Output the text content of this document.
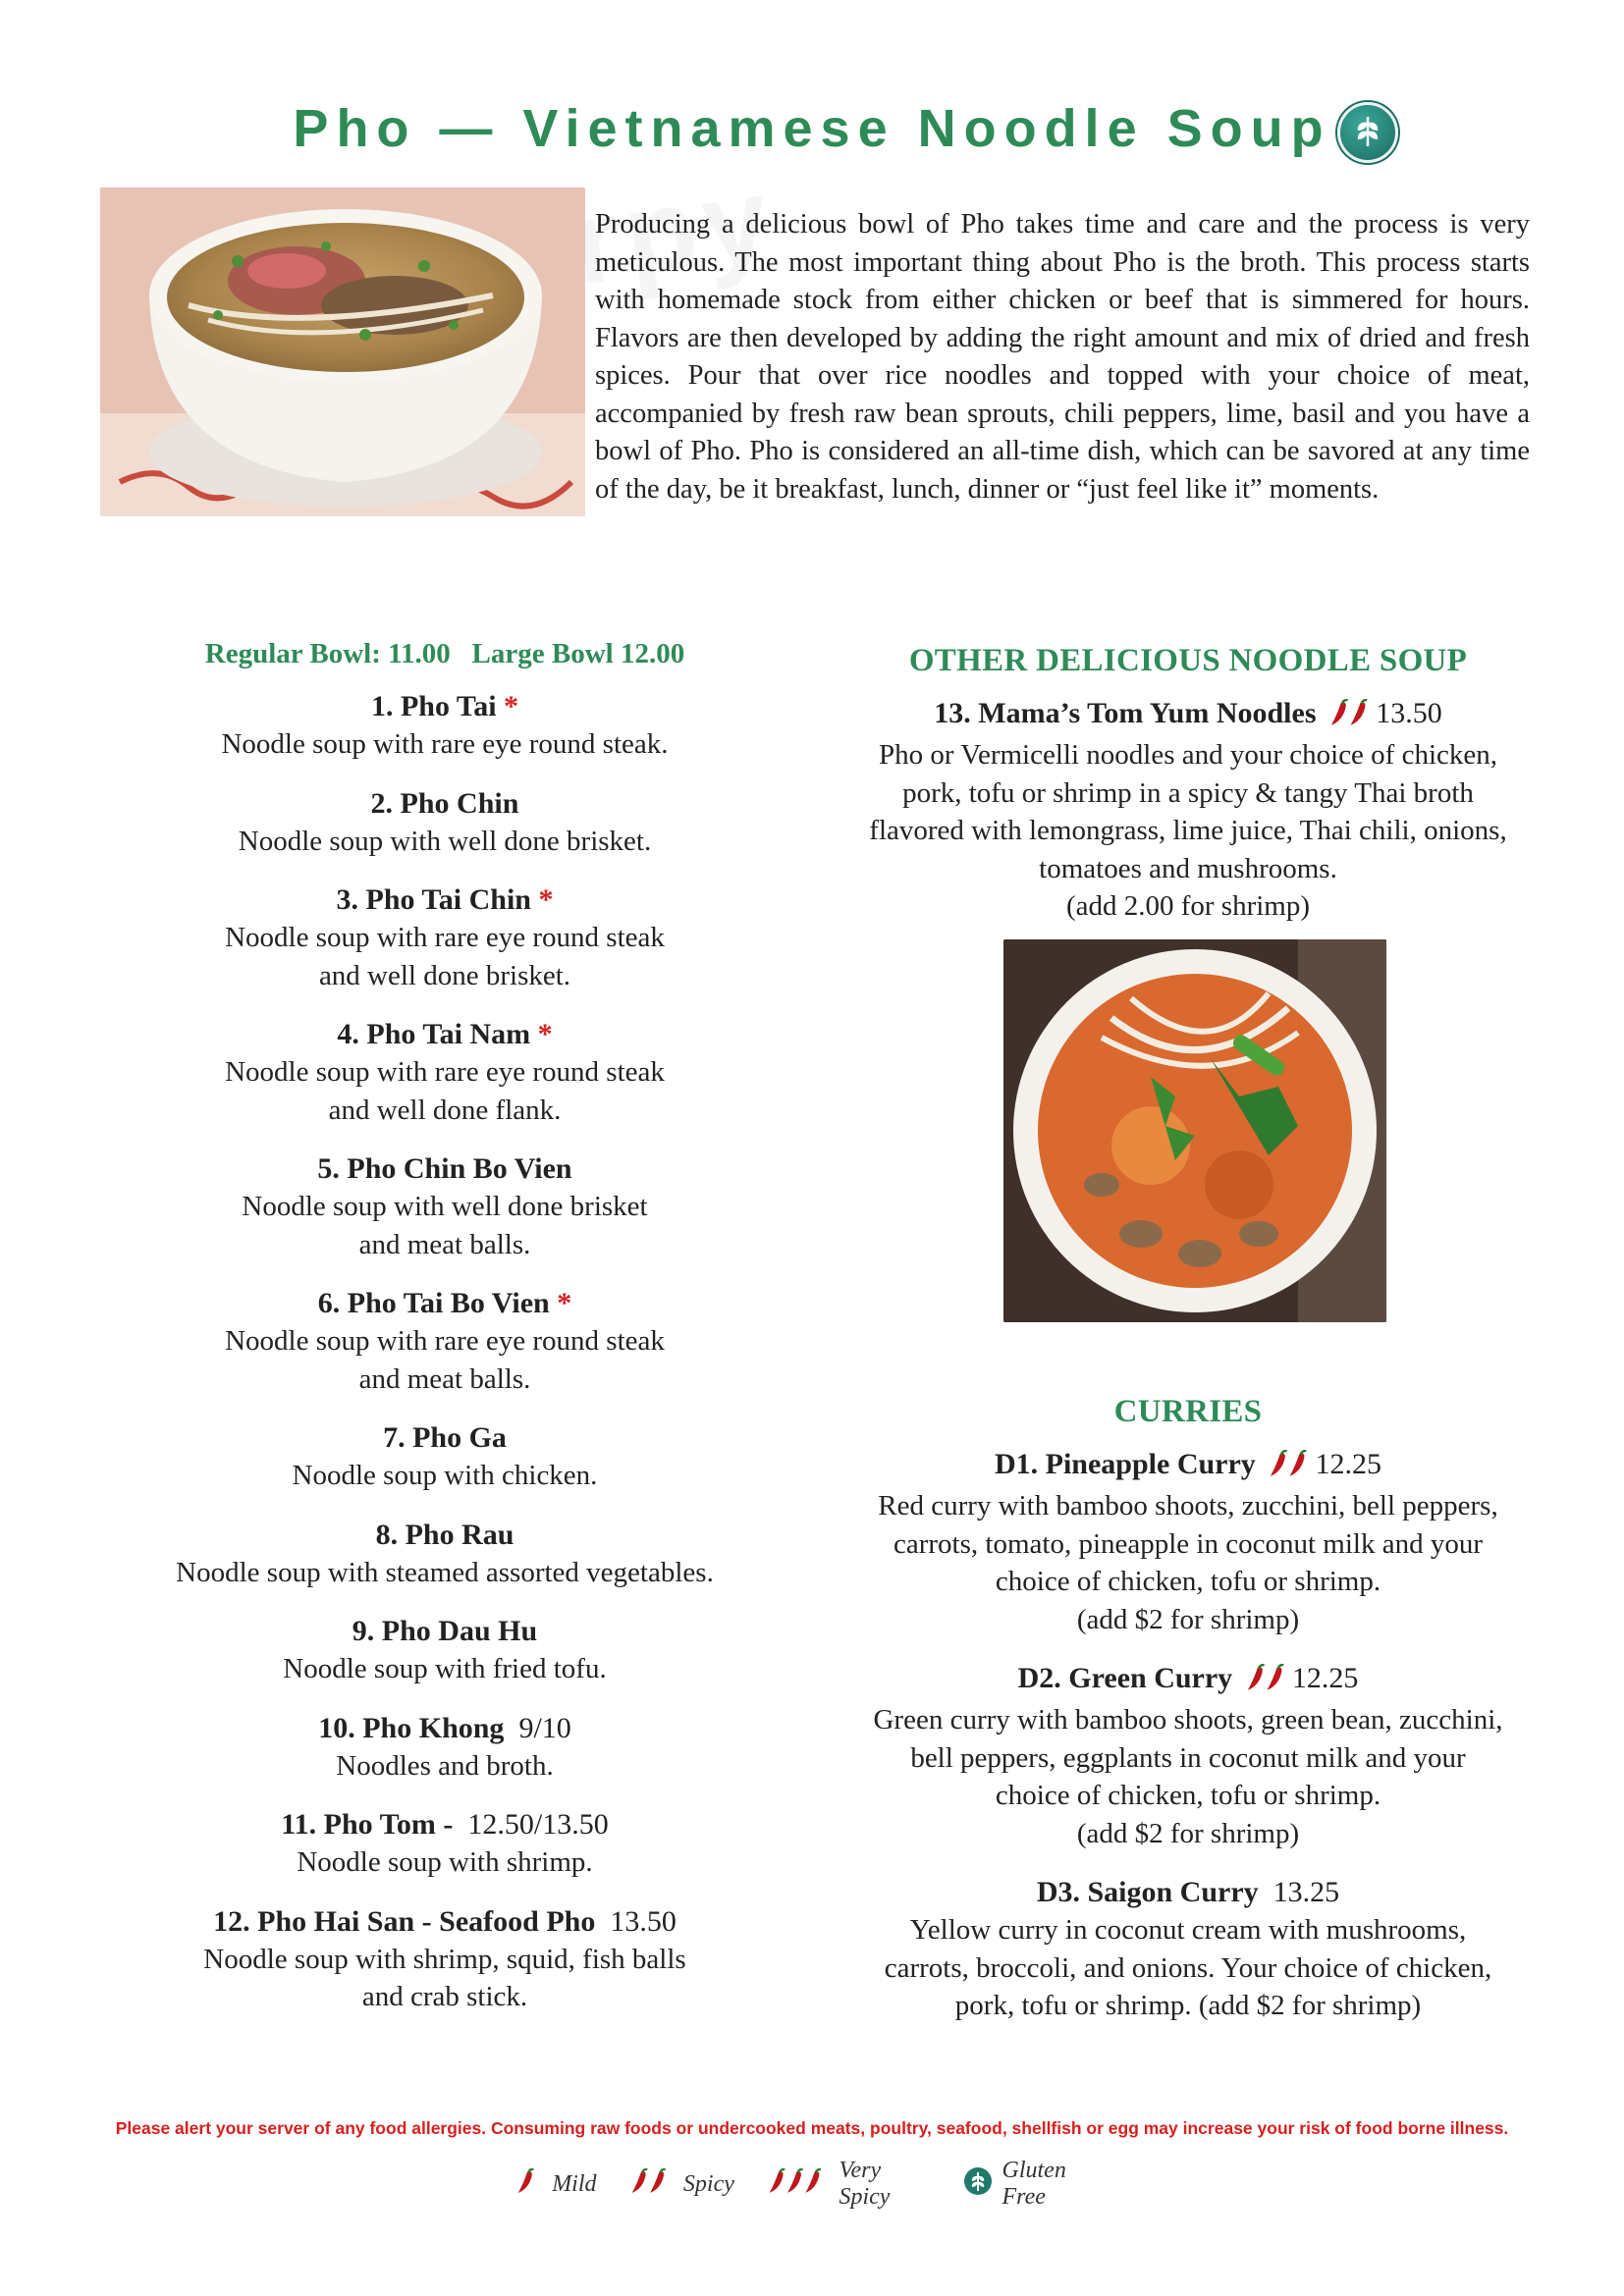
Pho — Vietnamese Noodle Soup
Producing a delicious bowl of Pho takes time and care and the process is very meticulous. The most important thing about Pho is the broth. This process starts with homemade stock from either chicken or beef that is simmered for hours. Flavors are then developed by adding the right amount and mix of dried and fresh spices. Pour that over rice noodles and topped with your choice of meat, accompanied by fresh raw bean sprouts, chili peppers, lime, basil and you have a bowl of Pho. Pho is considered an all-time dish, which can be savored at any time of the day, be it breakfast, lunch, dinner or “just feel like it” moments.
Regular Bowl: 11.00   Large Bowl 12.00
1. Pho Tai *
Noodle soup with rare eye round steak.
2. Pho Chin
Noodle soup with well done brisket.
3. Pho Tai Chin *
Noodle soup with rare eye round steak
and well done brisket.
4. Pho Tai Nam *
Noodle soup with rare eye round steak
and well done flank.
5. Pho Chin Bo Vien
Noodle soup with well done brisket
and meat balls.
6. Pho Tai Bo Vien *
Noodle soup with rare eye round steak
and meat balls.
7. Pho Ga
Noodle soup with chicken.
8. Pho Rau
Noodle soup with steamed assorted vegetables.
9. Pho Dau Hu
Noodle soup with fried tofu.
10. Pho Khong 9/10
Noodles and broth.
11. Pho Tom - 12.50/13.50
Noodle soup with shrimp.
12. Pho Hai San - Seafood Pho 13.50
Noodle soup with shrimp, squid, fish balls
and crab stick.
OTHER DELICIOUS NOODLE SOUP
13. Mama’s Tom Yum Noodles 13.50
Pho or Vermicelli noodles and your choice of chicken,
pork, tofu or shrimp in a spicy & tangy Thai broth
flavored with lemongrass, lime juice, Thai chili, onions,
tomatoes and mushrooms.
(add 2.00 for shrimp)
CURRIES
D1. Pineapple Curry 12.25
Red curry with bamboo shoots, zucchini, bell peppers,
carrots, tomato, pineapple in coconut milk and your
choice of chicken, tofu or shrimp.
(add $2 for shrimp)
D2. Green Curry 12.25
Green curry with bamboo shoots, green bean, zucchini,
bell peppers, eggplants in coconut milk and your
choice of chicken, tofu or shrimp.
(add $2 for shrimp)
D3. Saigon Curry 13.25
Yellow curry in coconut cream with mushrooms,
carrots, broccoli, and onions. Your choice of chicken,
pork, tofu or shrimp. (add $2 for shrimp)
Please alert your server of any food allergies. Consuming raw foods or undercooked meats, poultry, seafood, shellfish or egg may increase your risk of food borne illness.
Mild	Spicy
Very Spicy
Gluten Free
